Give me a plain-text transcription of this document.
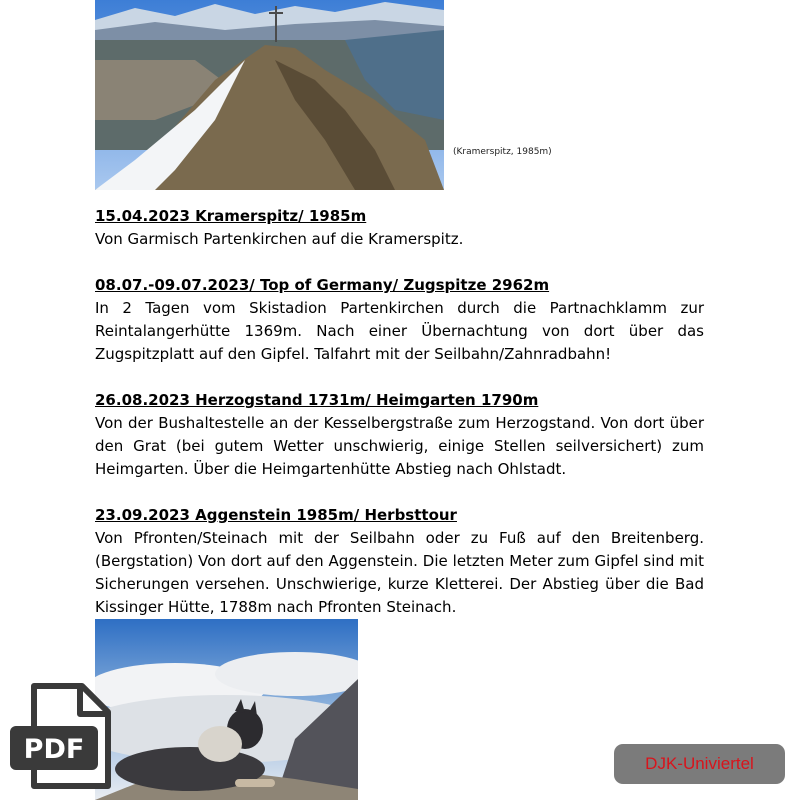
(Kramerspitz, 1985m)
15.04.2023 Kramerspitz/ 1985m

Von Garmisch Partenkirchen auf die Kramerspitz.

08.07.-09.07.2023/ Top of Germany/ Zugspitze 2962m

In 2 Tagen vom Skistadion Partenkirchen durch die Partnachklamm zur Reintalangerhütte 1369m. Nach einer Übernachtung von dort über das Zugspitzplatt auf den Gipfel. Talfahrt mit der Seilbahn/Zahnradbahn!

26.08.2023 Herzogstand 1731m/ Heimgarten 1790m

Von der Bushaltestelle an der Kesselbergstraße zum Herzogstand. Von dort über den Grat (bei gutem Wetter unschwierig, einige Stellen seilversichert) zum Heimgarten. Über die Heimgartenhütte Abstieg nach Ohlstadt.

23.09.2023 Aggenstein 1985m/ Herbsttour

Von Pfronten/Steinach mit der Seilbahn oder zu Fuß auf den Breitenberg. (Bergstation) Von dort auf den Aggenstein. Die letzten Meter zum Gipfel sind mit Sicherungen versehen. Unschwierige, kurze Kletterei. Der Abstieg über die Bad Kissinger Hütte, 1788m nach Pfronten Steinach.

PDF	DJK-Univiertel
